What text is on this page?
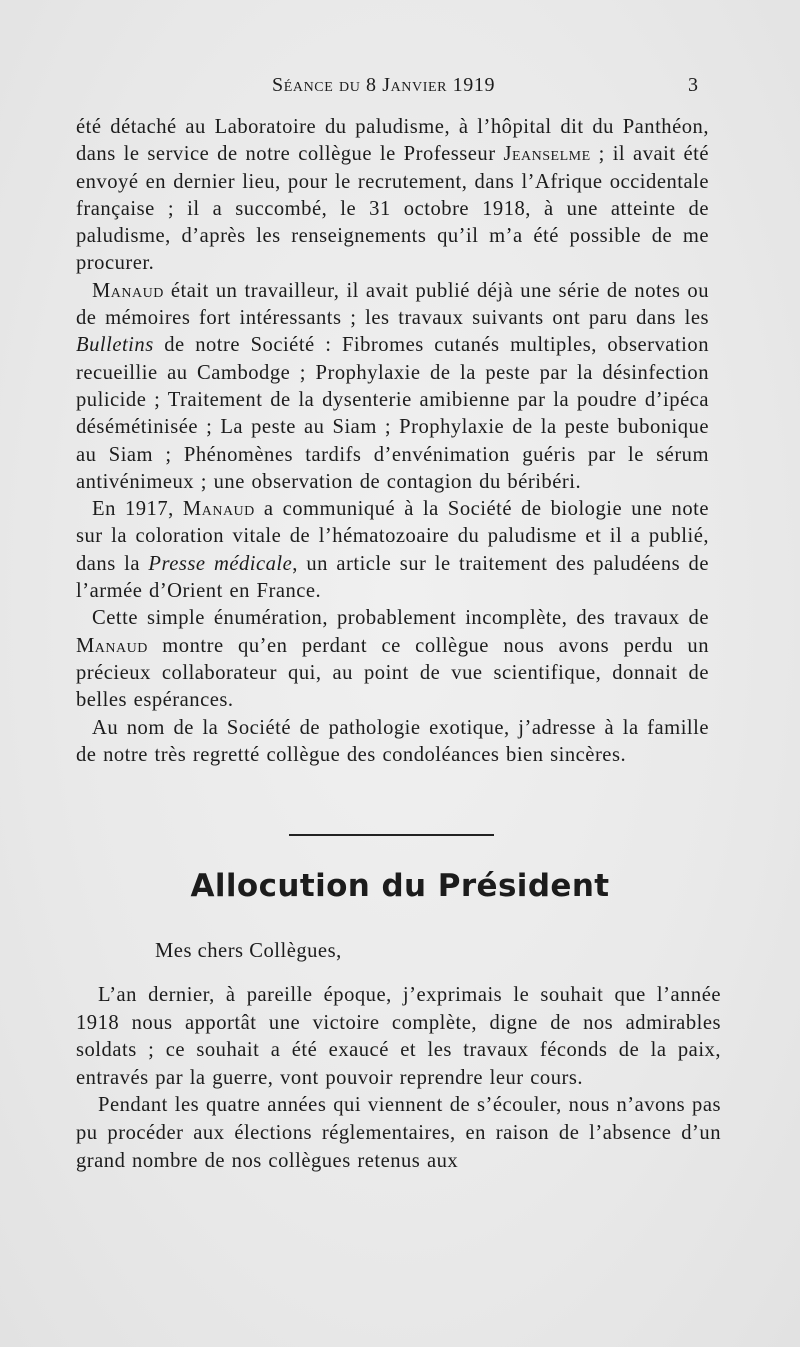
Séance du 8 Janvier 1919	3

été détaché au Laboratoire du paludisme, à l’hôpital dit du Panthéon, dans le service de notre collègue le Professeur Jeanselme ; il avait été envoyé en dernier lieu, pour le recrutement, dans l’Afrique occidentale française ; il a succombé, le 31 octobre 1918, à une atteinte de paludisme, d’après les renseignements qu’il m’a été possible de me procurer.

Manaud était un travailleur, il avait publié déjà une série de notes ou de mémoires fort intéressants ; les travaux suivants ont paru dans les Bulletins de notre Société : Fibromes cutanés multiples, observation recueillie au Cambodge ; Prophylaxie de la peste par la désinfection pulicide ; Traitement de la dysenterie amibienne par la poudre d’ipéca désémétinisée ; La peste au Siam ; Prophylaxie de la peste bubonique au Siam ; Phénomènes tardifs d’envénimation guéris par le sérum antivénimeux ; une observation de contagion du béribéri.

En 1917, Manaud a communiqué à la Société de biologie une note sur la coloration vitale de l’hématozoaire du paludisme et il a publié, dans la Presse médicale, un article sur le traitement des paludéens de l’armée d’Orient en France.

Cette simple énumération, probablement incomplète, des travaux de Manaud montre qu’en perdant ce collègue nous avons perdu un précieux collaborateur qui, au point de vue scientifique, donnait de belles espérances.

Au nom de la Société de pathologie exotique, j’adresse à la famille de notre très regretté collègue des condoléances bien sincères.

Allocution du Président

Mes chers Collègues,

L’an dernier, à pareille époque, j’exprimais le souhait que l’année 1918 nous apportât une victoire complète, digne de nos admirables soldats ; ce souhait a été exaucé et les travaux féconds de la paix, entravés par la guerre, vont pouvoir reprendre leur cours.

Pendant les quatre années qui viennent de s’écouler, nous n’avons pas pu procéder aux élections réglementaires, en raison de l’absence d’un grand nombre de nos collègues retenus aux
